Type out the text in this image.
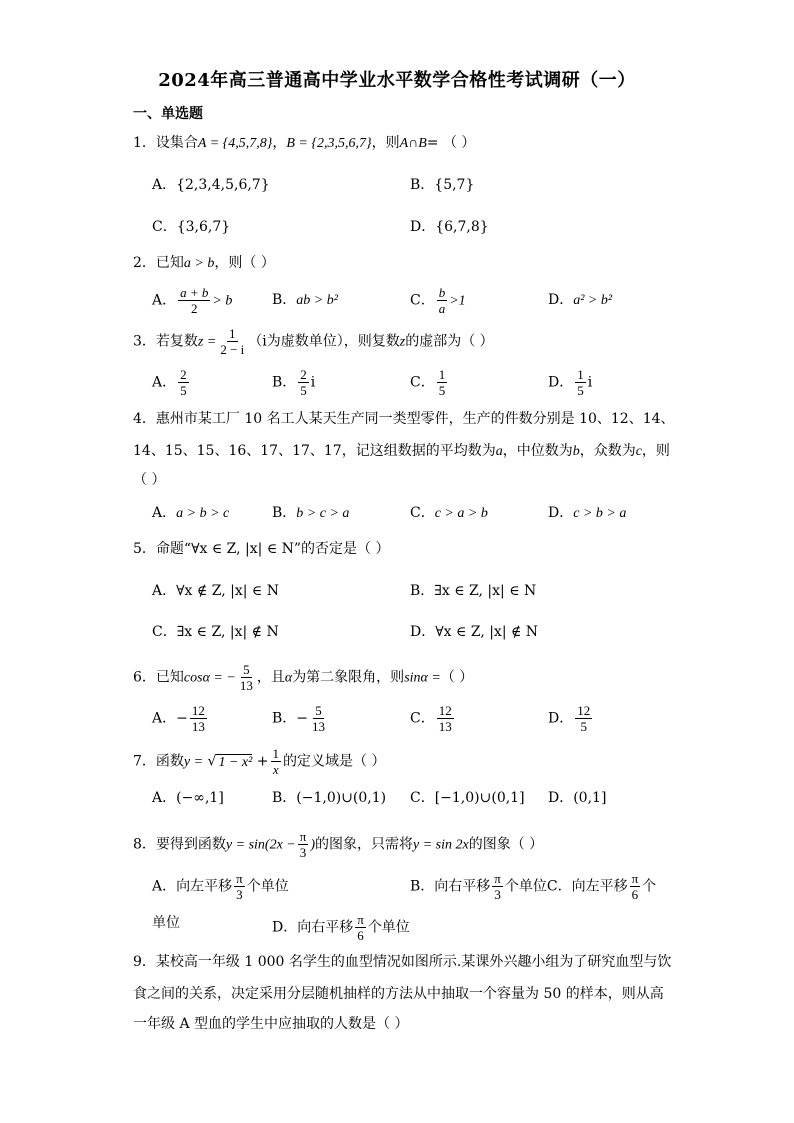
2024年高三普通高中学业水平数学合格性考试调研（一）
一、单选题
1．设集合A = {4,5,7,8}，B = {2,3,5,6,7}，则A∩B= （ ）
A．{2,3,4,5,6,7}	B．{5,7}
C．{3,6,7}	D．{6,7,8}
2．已知a > b，则（ ）
A． $\frac{a + b}{2} > b$	B．ab > b²	C． $\frac{b}{a} >1$	D．a² > b²
3．若复数$z = \frac{1}{2 - i} (i$为虚数单位），则复数z的虚部为（ ）
A． $\frac{2}{5}$	B． $\frac{2}{5}$ i	C． $\frac{1}{5}$	D． $\frac{1}{5}$ i
4．惠州市某工厂 10 名工人某天生产同一类型零件，生产的件数分别是 10、12、14、
14、15、15、16、17、17、17，记这组数据的平均数为a，中位数为b，众数为c，则
（ ）
A．a > b > c	B．b > c > a	C．c > a > b	D．c > b > a
5．命题“∀x ∈ Z, |x| ∈ N”的否定是（ ）
A．∀x ∉ Z, |x| ∈ N	B．∃x ∈ Z, |x| ∈ N
C．∃x ∈ Z, |x| ∉ N	D．∀x ∈ Z, |x| ∉ N
6．已知cosα = − $\frac{5}{13}$ ，且α为第二象限角，则sinα =（ ）
A．− $\frac{12}{13}$	B．− $\frac{5}{13}$	C． $\frac{12}{13}$	D． $\frac{12}{5}$
7．函数y = √ $1 - x^2 + \frac{1}{x}$ 的定义域是（ ）
A．(−∞,1]	B．(−1,0)∪(0,1) C．[−1,0)∪(0,1] D．(0,1]
8．要得到函数$y = \sin(2x - \frac{\pi}{3}$ )的图象，只需将y = sin 2x的图象（ ）
A．向左平移 $\frac{\pi}{3}$ 个单位	B．向右平移 $\frac{\pi}{3}$ 个单位C．向左平移 $\frac{\pi}{6}$ 个
单位	D．向右平移 $\frac{\pi}{6}$ 个单位
9．某校高一年级 1 000 名学生的血型情况如图所示.某课外兴趣小组为了研究血型与饮
食之间的关系，决定采用分层随机抽样的方法从中抽取一个容量为 50 的样本，则从高
一年级 A 型血的学生中应抽取的人数是（ ）
